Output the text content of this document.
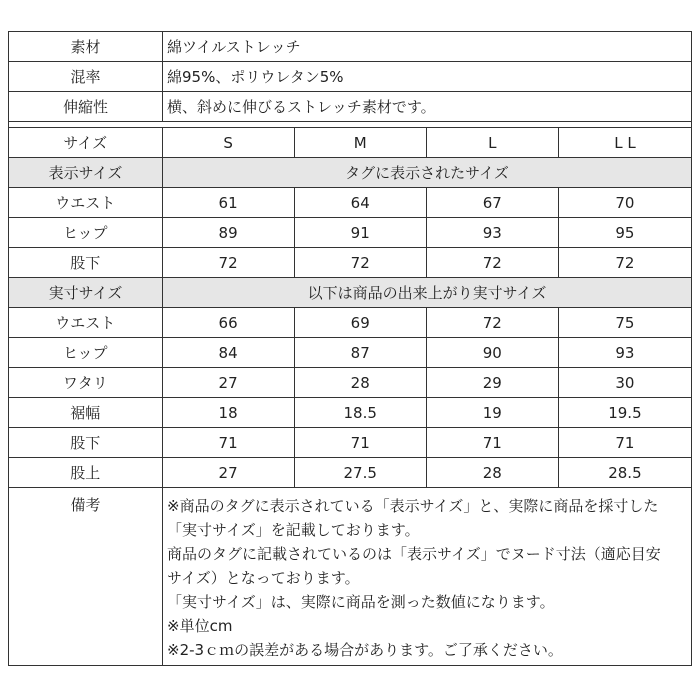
素材	綿ツイルストレッチ
混率	綿95%、ポリウレタン5%
伸縮性	横、斜めに伸びるストレッチ素材です。
サイズ	S	M	L	L L
表示サイズ	タグに表示されたサイズ
ウエスト	61	64	67	70
ヒップ	89	91	93	95
股下	72	72	72	72
実寸サイズ	以下は商品の出来上がり実寸サイズ
ウエスト	66	69	72	75
ヒップ	84	87	90	93
ワタリ	27	28	29	30
裾幅	18	18.5	19	19.5
股下	71	71	71	71
股上	27	27.5	28	28.5
備考	※商品のタグに表示されている「表示サイズ」と、実際に商品を採寸した
「実寸サイズ」を記載しております。
商品のタグに記載されているのは「表示サイズ」でヌード寸法（適応目安
サイズ）となっております。
「実寸サイズ」は、実際に商品を測った数値になります。
※単位cm
※2-3ｃｍの誤差がある場合があります。ご了承ください。
